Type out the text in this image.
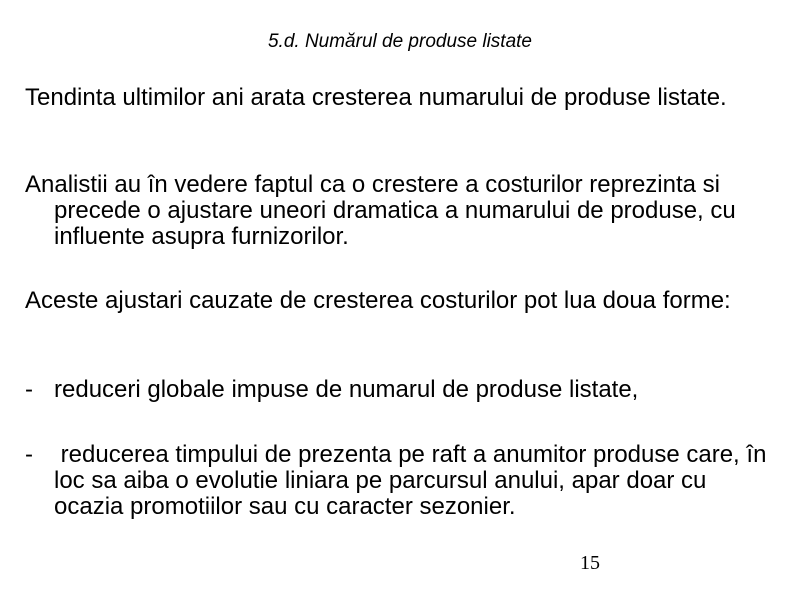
5.d. Numărul de produse listate
Tendinta ultimilor ani arata cresterea numarului de produse listate.
Analistii au în vedere faptul ca o crestere a costurilor reprezinta si precede o ajustare uneori dramatica a numarului de produse, cu influente asupra furnizorilor.
Aceste ajustari cauzate de cresterea costurilor pot lua doua forme:
- reduceri globale impuse de numarul de produse listate,
- reducerea timpului de prezenta pe raft a anumitor produse care, în loc sa aiba o evolutie liniara pe parcursul anului, apar doar cu ocazia promotiilor sau cu caracter sezonier.
15
